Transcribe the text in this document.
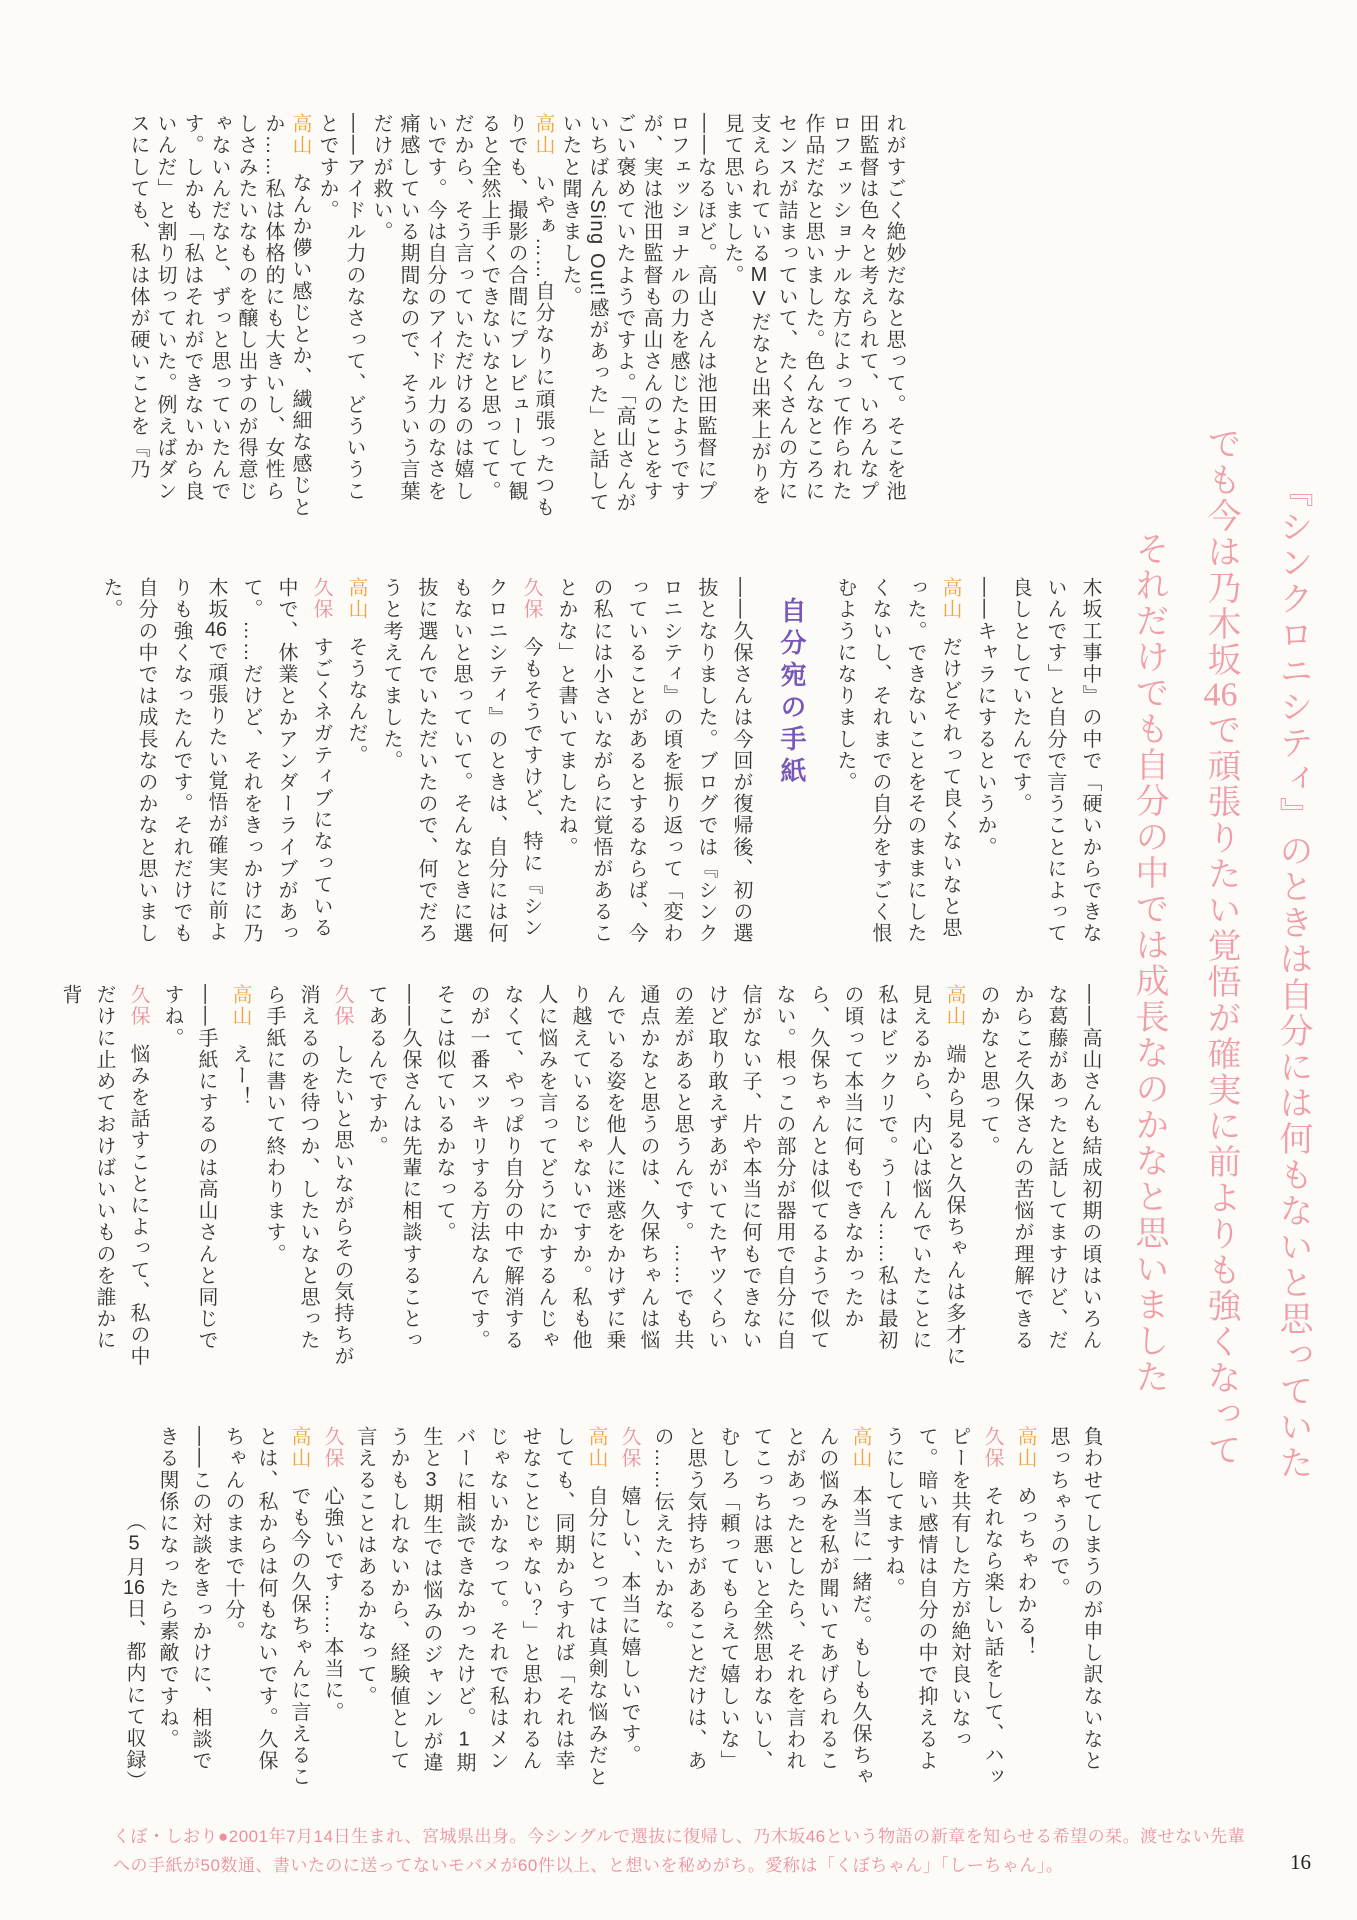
『シンクロニシティ』のときは自分には何もないと思っていた
でも今は乃木坂46で頑張りたい覚悟が確実に前よりも強くなって
それだけでも自分の中では成長なのかなと思いました

れがすごく絶妙だなと思って。そこを池田監督は色々と考えられて、いろんなプロフェッショナルな方によって作られた作品だなと思いました。色んなところにセンスが詰まっていて、たくさんの方に支えられているMVだなと出来上がりを見て思いました。

――なるほど。高山さんは池田監督にプロフェッショナルの力を感じたようですが、実は池田監督も高山さんのことをすごい褒めていたようですよ。「高山さんがいちばんSing Out!感があった」と話していたと聞きました。

高山いやぁ……自分なりに頑張ったつもりでも、撮影の合間にプレビューして観ると全然上手くできないなと思ってて。だから、そう言っていただけるのは嬉しいです。今は自分のアイドル力のなさを痛感している期間なので、そういう言葉だけが救い。

――アイドル力のなさって、どういうことですか。

高山なんか儚い感じとか、繊細な感じとか……私は体格的にも大きいし、女性らしさみたいなものを醸し出すのが得意じゃないんだなと、ずっと思っていたんです。しかも「私はそれができないから良いんだ」と割り切っていた。例えばダンスにしても、私は体が硬いことを『乃

木坂工事中』の中で「硬いからできないんです」と自分で言うことによって良しとしていたんです。

――キャラにするというか。

高山だけどそれって良くないなと思った。できないことをそのままにしたくないし、それまでの自分をすごく恨むようになりました。

自分宛の手紙

――久保さんは今回が復帰後、初の選抜となりました。ブログでは『シンクロニシティ』の頃を振り返って「変わっていることがあるとするならば、今の私には小さいながらに覚悟があることかな」と書いてましたね。

久保今もそうですけど、特に『シンクロニシティ』のときは、自分には何もないと思っていて。そんなときに選抜に選んでいただいたので、何でだろうと考えてました。

高山そうなんだ。

久保すごくネガティブになっている中で、休業とかアンダーライブがあって。……だけど、それをきっかけに乃木坂46で頑張りたい覚悟が確実に前よりも強くなったんです。それだけでも自分の中では成長なのかなと思いました。

――高山さんも結成初期の頃はいろんな葛藤があったと話してますけど、だからこそ久保さんの苦悩が理解できるのかなと思って。

高山端から見ると久保ちゃんは多才に見えるから、内心は悩んでいたことに私はビックリで。うーん……私は最初の頃って本当に何もできなかったから、久保ちゃんとは似てるようで似てない。根っこの部分が器用で自分に自信がない子、片や本当に何もできないけど取り敢えずあがいてたヤツくらいの差があると思うんです。……でも共通点かなと思うのは、久保ちゃんは悩んでいる姿を他人に迷惑をかけずに乗り越えているじゃないですか。私も他人に悩みを言ってどうにかするんじゃなくて、やっぱり自分の中で解消するのが一番スッキリする方法なんです。そこは似ているかなって。

――久保さんは先輩に相談することってあるんですか。

久保したいと思いながらその気持ちが消えるのを待つか、したいなと思ったら手紙に書いて終わります。

高山えー！

――手紙にするのは高山さんと同じですね。

久保悩みを話すことによって、私の中だけに止めておけばいいものを誰かに背

負わせてしまうのが申し訳ないなと思っちゃうので。

高山めっちゃわかる！

久保それなら楽しい話をして、ハッピーを共有した方が絶対良いなって。暗い感情は自分の中で抑えるようにしてますね。

高山本当に一緒だ。もしも久保ちゃんの悩みを私が聞いてあげられることがあったとしたら、それを言われてこっちは悪いと全然思わないし、むしろ「頼ってもらえて嬉しいな」と思う気持ちがあることだけは、あの……伝えたいかな。

久保嬉しい、本当に嬉しいです。

高山自分にとっては真剣な悩みだとしても、同期からすれば「それは幸せなことじゃない？」と思われるんじゃないかなって。それで私はメンバーに相談できなかったけど。1期生と3期生では悩みのジャンルが違うかもしれないから、経験値として言えることはあるかなって。

久保心強いです……本当に。

高山でも今の久保ちゃんに言えることは、私からは何もないです。久保ちゃんのままで十分。

――この対談をきっかけに、相談できる関係になったら素敵ですね。

（5月16日、都内にて収録）

くぼ・しおり●2001年7月14日生まれ、宮城県出身。今シングルで選抜に復帰し、乃木坂46という物語の新章を知らせる希望の栞。渡せない先輩
への手紙が50数通、書いたのに送ってないモバメが60件以上、と想いを秘めがち。愛称は「くぼちゃん」「しーちゃん」。	16
